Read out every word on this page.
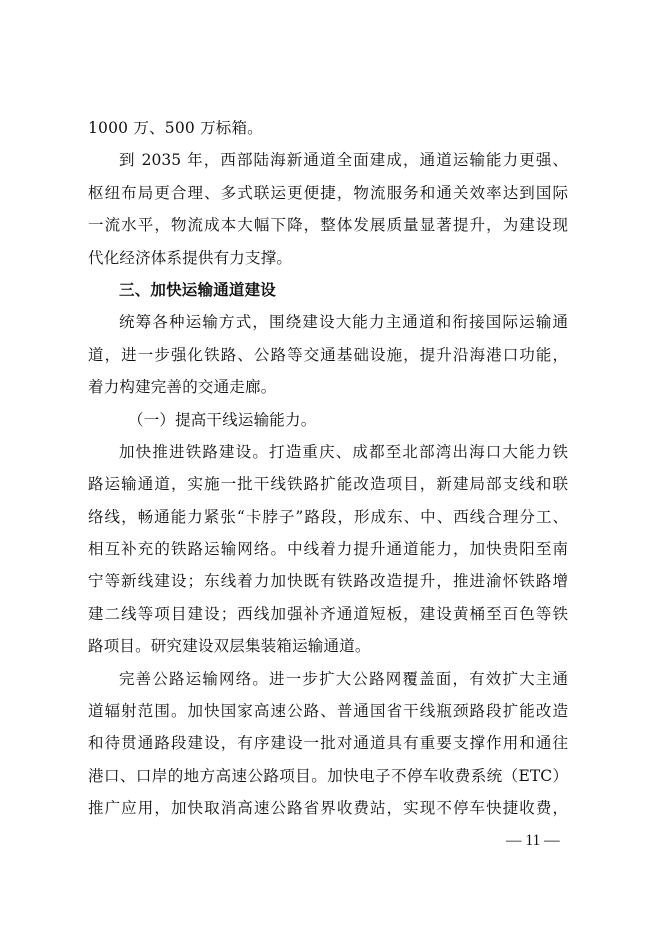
1000 万、500 万标箱。
到 2035 年，西部陆海新通道全面建成，通道运输能力更强、
枢纽布局更合理、多式联运更便捷，物流服务和通关效率达到国际
一流水平，物流成本大幅下降，整体发展质量显著提升，为建设现
代化经济体系提供有力支撑。
三、加快运输通道建设
统筹各种运输方式，围绕建设大能力主通道和衔接国际运输通
道，进一步强化铁路、公路等交通基础设施，提升沿海港口功能，
着力构建完善的交通走廊。
（一）提高干线运输能力。
加快推进铁路建设。打造重庆、成都至北部湾出海口大能力铁
路运输通道，实施一批干线铁路扩能改造项目，新建局部支线和联
络线，畅通能力紧张“卡脖子”路段，形成东、中、西线合理分工、
相互补充的铁路运输网络。中线着力提升通道能力，加快贵阳至南
宁等新线建设；东线着力加快既有铁路改造提升，推进渝怀铁路增
建二线等项目建设；西线加强补齐通道短板，建设黄桶至百色等铁
路项目。研究建设双层集装箱运输通道。
完善公路运输网络。进一步扩大公路网覆盖面，有效扩大主通
道辐射范围。加快国家高速公路、普通国省干线瓶颈路段扩能改造
和待贯通路段建设，有序建设一批对通道具有重要支撑作用和通往
港口、口岸的地方高速公路项目。加快电子不停车收费系统（ETC）
推广应用，加快取消高速公路省界收费站，实现不停车快捷收费，
— 11 —
